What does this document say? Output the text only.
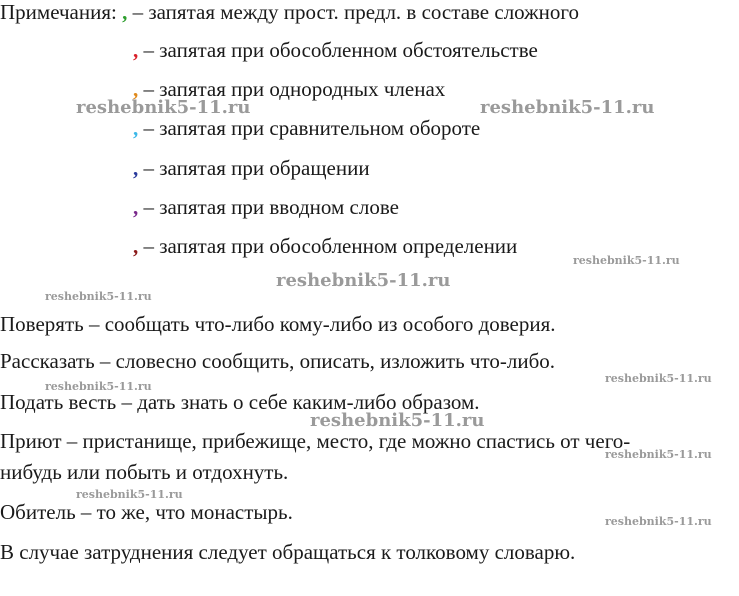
Примечания: , – запятая между прост. предл. в составе сложного
, – запятая при обособленном обстоятельстве
, – запятая при однородных членах
, – запятая при сравнительном обороте
, – запятая при обращении
, – запятая при вводном слове
, – запятая при обособленном определении
Поверять – сообщать что-либо кому-либо из особого доверия.
Рассказать – словесно сообщить, описать, изложить что-либо.
Подать весть – дать знать о себе каким-либо образом.
Приют – пристанище, прибежище, место, где можно спастись от чего-
нибудь или побыть и отдохнуть.
Обитель – то же, что монастырь.
В случае затруднения следует обращаться к толковому словарю.
reshebnik5-11.ru	reshebnik5-11.ru
reshebnik5-11.ru
reshebnik5-11.ru
reshebnik5-11.ru
reshebnik5-11.ru
reshebnik5-11.ru
reshebnik5-11.ru
reshebnik5-11.ru
reshebnik5-11.ru
reshebnik5-11.ru
